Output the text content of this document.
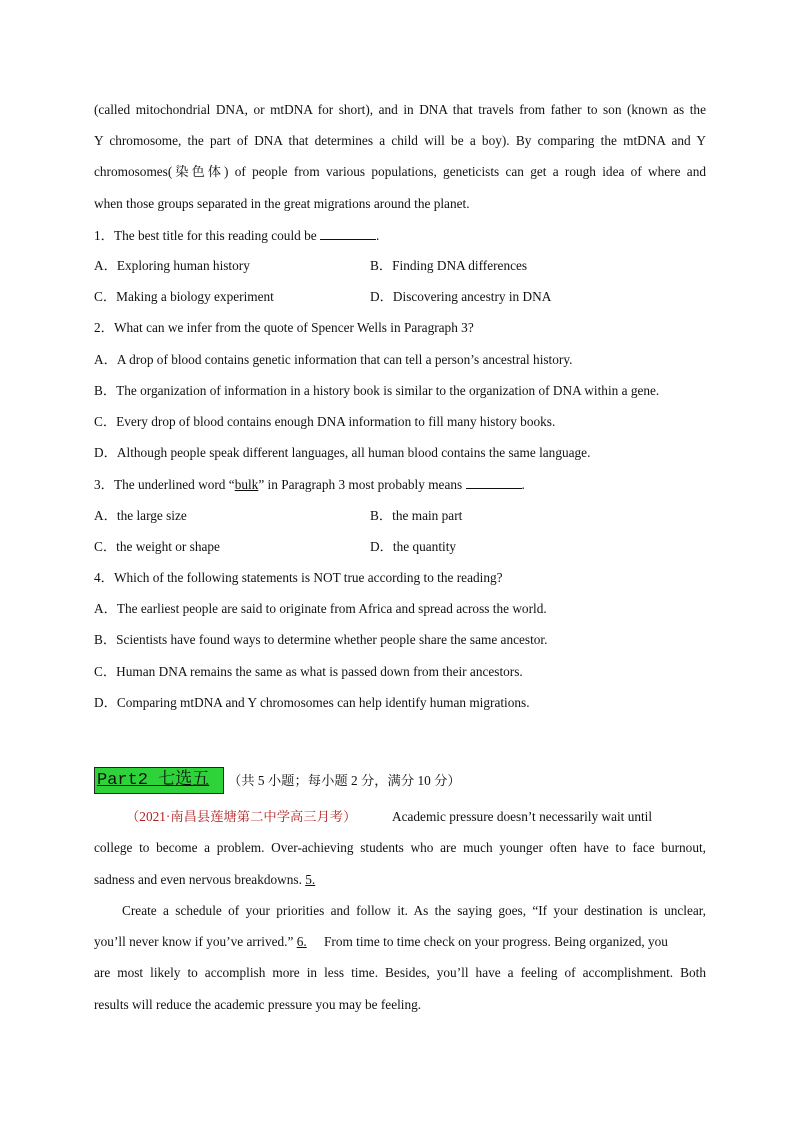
(called mitochondrial DNA, or mtDNA for short), and in DNA that travels from father to son (known as the
Y chromosome, the part of DNA that determines a child will be a boy). By comparing the mtDNA and Y
chromosomes(染色体) of people from various populations, geneticists can get a rough idea of where and
when those groups separated in the great migrations around the planet.
1．The best title for this reading could be	.
A．Exploring human history	B．Finding DNA differences
C．Making a biology experiment	D．Discovering ancestry in DNA
2．What can we infer from the quote of Spencer Wells in Paragraph 3?
A．A drop of blood contains genetic information that can tell a person’s ancestral history.
B．The organization of information in a history book is similar to the organization of DNA within a gene.
C．Every drop of blood contains enough DNA information to fill many history books.
D．Although people speak different languages, all human blood contains the same language.
3．The underlined word “bulk” in Paragraph 3 most probably means	.
A．the large size	B．the main part
C．the weight or shape	D．the quantity
4．Which of the following statements is NOT true according to the reading?
A．The earliest people are said to originate from Africa and spread across the world.
B．Scientists have found ways to determine whether people share the same ancestor.
C．Human DNA remains the same as what is passed down from their ancestors.
D．Comparing mtDNA and Y chromosomes can help identify human migrations.
Part2 七选五	（共 5 小题；每小题 2 分，满分 10 分）
（2021·南昌县莲塘第二中学高三月考）	Academic pressure doesn’t necessarily wait until
college to become a problem. Over-achieving students who are much younger often have to face burnout,
sadness and even nervous breakdowns. 5.
Create a schedule of your priorities and follow it. As the saying goes, “If your destination is unclear,
you’ll never know if you’ve arrived.” 6. From time to time check on your progress. Being organized, you
are most likely to accomplish more in less time. Besides, you’ll have a feeling of accomplishment. Both
results will reduce the academic pressure you may be feeling.
